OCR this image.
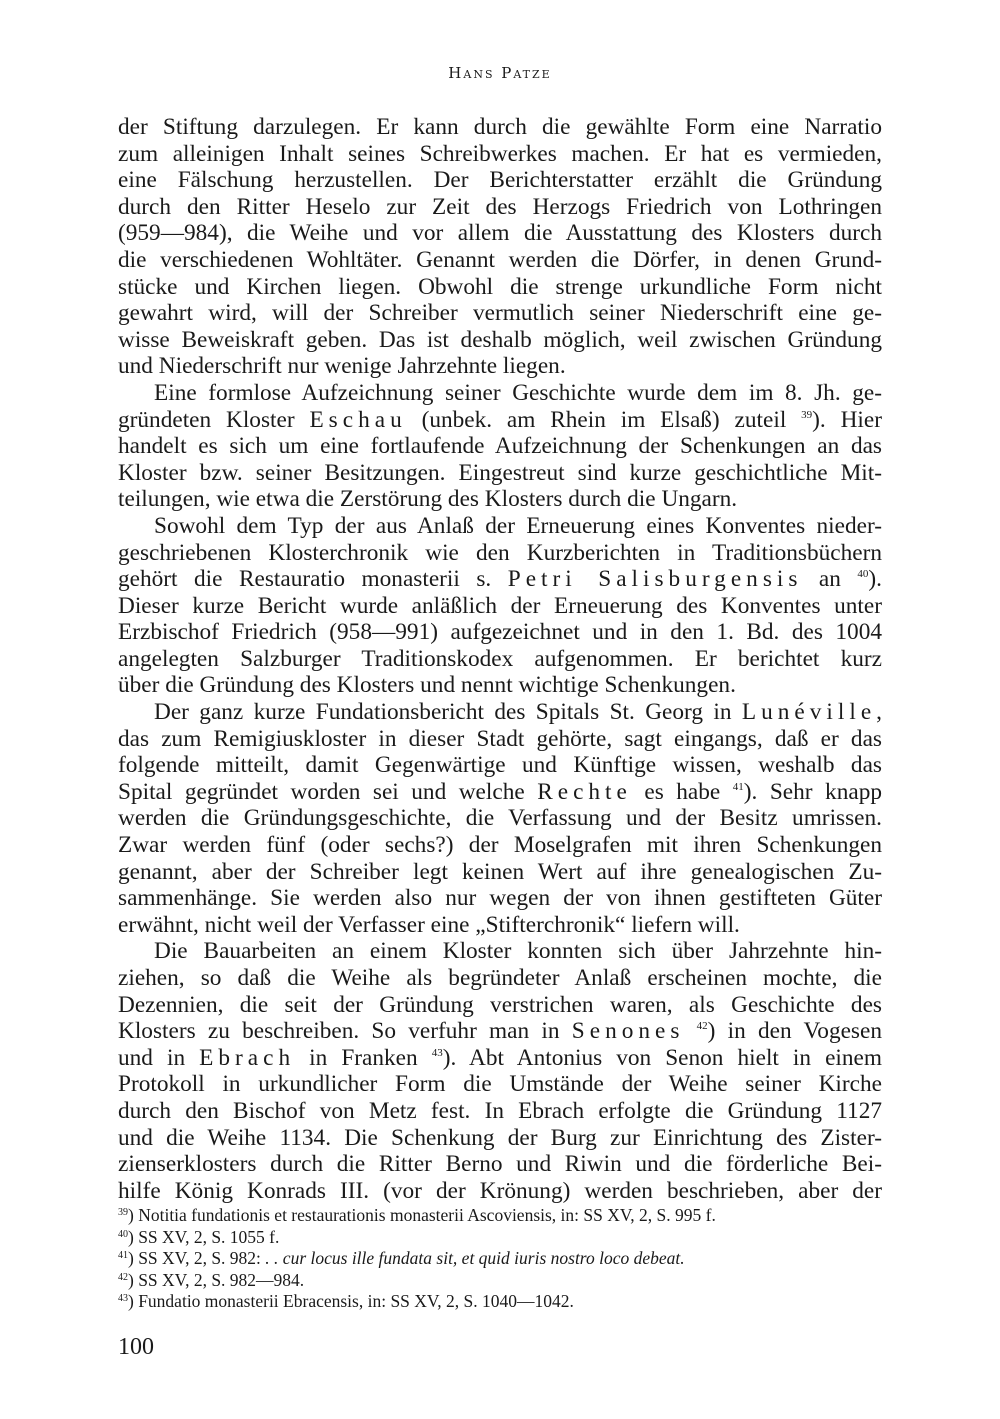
Hans Patze
der Stiftung darzulegen. Er kann durch die gewählte Form eine Narratio
zum alleinigen Inhalt seines Schreibwerkes machen. Er hat es vermieden,
eine Fälschung herzustellen. Der Berichterstatter erzählt die Gründung
durch den Ritter Heselo zur Zeit des Herzogs Friedrich von Lothringen
(959—984), die Weihe und vor allem die Ausstattung des Klosters durch
die verschiedenen Wohltäter. Genannt werden die Dörfer, in denen Grund-
stücke und Kirchen liegen. Obwohl die strenge urkundliche Form nicht
gewahrt wird, will der Schreiber vermutlich seiner Niederschrift eine ge-
wisse Beweiskraft geben. Das ist deshalb möglich, weil zwischen Gründung
und Niederschrift nur wenige Jahrzehnte liegen.
Eine formlose Aufzeichnung seiner Geschichte wurde dem im 8. Jh. ge-
gründeten Kloster Eschau (unbek. am Rhein im Elsaß) zuteil $^{39}$). Hier
handelt es sich um eine fortlaufende Aufzeichnung der Schenkungen an das
Kloster bzw. seiner Besitzungen. Eingestreut sind kurze geschichtliche Mit-
teilungen, wie etwa die Zerstörung des Klosters durch die Ungarn.
Sowohl dem Typ der aus Anlaß der Erneuerung eines Konventes nieder-
geschriebenen Klosterchronik wie den Kurzberichten in Traditionsbüchern
gehört die Restauratio monasterii s. Petri Salisburgensis an $^{40}$).
Dieser kurze Bericht wurde anläßlich der Erneuerung des Konventes unter
Erzbischof Friedrich (958—991) aufgezeichnet und in den 1. Bd. des 1004
angelegten Salzburger Traditionskodex aufgenommen. Er berichtet kurz
über die Gründung des Klosters und nennt wichtige Schenkungen.
Der ganz kurze Fundationsbericht des Spitals St. Georg in Lunéville,
das zum Remigiuskloster in dieser Stadt gehörte, sagt eingangs, daß er das
folgende mitteilt, damit Gegenwärtige und Künftige wissen, weshalb das
Spital gegründet worden sei und welche Rechte es habe $^{41}$). Sehr knapp
werden die Gründungsgeschichte, die Verfassung und der Besitz umrissen.
Zwar werden fünf (oder sechs?) der Moselgrafen mit ihren Schenkungen
genannt, aber der Schreiber legt keinen Wert auf ihre genealogischen Zu-
sammenhänge. Sie werden also nur wegen der von ihnen gestifteten Güter
erwähnt, nicht weil der Verfasser eine „Stifterchronik“ liefern will.
Die Bauarbeiten an einem Kloster konnten sich über Jahrzehnte hin-
ziehen, so daß die Weihe als begründeter Anlaß erscheinen mochte, die
Dezennien, die seit der Gründung verstrichen waren, als Geschichte des
Klosters zu beschreiben. So verfuhr man in Senones $^{42}$) in den Vogesen
und in Ebrach in Franken $^{43}$). Abt Antonius von Senon hielt in einem
Protokoll in urkundlicher Form die Umstände der Weihe seiner Kirche
durch den Bischof von Metz fest. In Ebrach erfolgte die Gründung 1127
und die Weihe 1134. Die Schenkung der Burg zur Einrichtung des Zister-
zienserklosters durch die Ritter Berno und Riwin und die förderliche Bei-
hilfe König Konrads III. (vor der Krönung) werden beschrieben, aber der
$^{39}$) Notitia fundationis et restaurationis monasterii Ascoviensis, in: SS XV, 2, S. 995 f.
$^{40}$) SS XV, 2, S. 1055 f.
$^{41}$) SS XV, 2, S. 982: . . cur locus ille fundata sit, et quid iuris nostro loco debeat.
$^{42}$) SS XV, 2, S. 982—984.
$^{43}$) Fundatio monasterii Ebracensis, in: SS XV, 2, S. 1040—1042.
100
